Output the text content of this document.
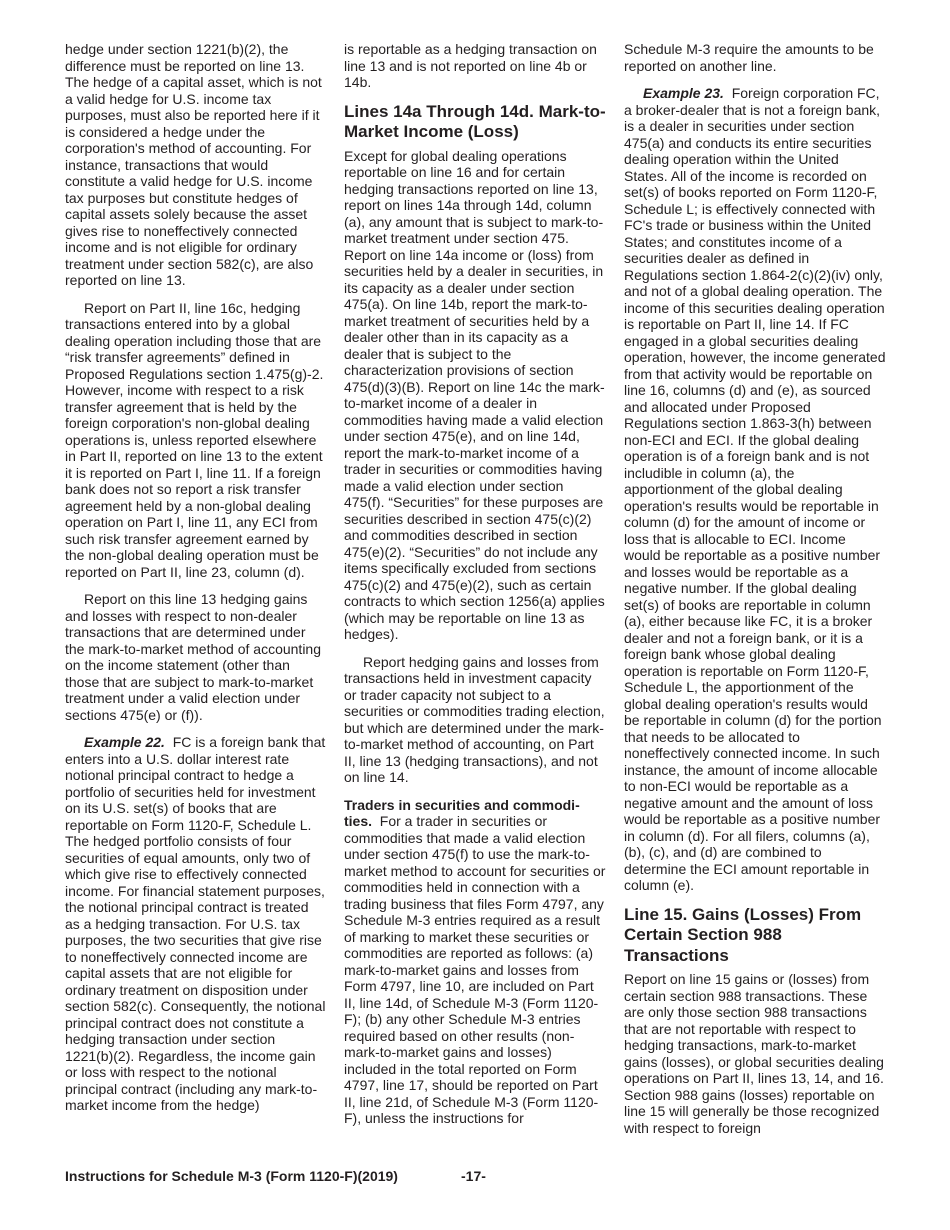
hedge under section 1221(b)(2), the difference must be reported on line 13. The hedge of a capital asset, which is not a valid hedge for U.S. income tax purposes, must also be reported here if it is considered a hedge under the corporation's method of accounting. For instance, transactions that would constitute a valid hedge for U.S. income tax purposes but constitute hedges of capital assets solely because the asset gives rise to noneffectively connected income and is not eligible for ordinary treatment under section 582(c), are also reported on line 13.

Report on Part II, line 16c, hedging transactions entered into by a global dealing operation including those that are “risk transfer agreements” defined in Proposed Regulations section 1.475(g)-2. However, income with respect to a risk transfer agreement that is held by the foreign corporation's non-global dealing operations is, unless reported elsewhere in Part II, reported on line 13 to the extent it is reported on Part I, line 11. If a foreign bank does not so report a risk transfer agreement held by a non-global dealing operation on Part I, line 11, any ECI from such risk transfer agreement earned by the non-global dealing operation must be reported on Part II, line 23, column (d).

Report on this line 13 hedging gains and losses with respect to non-dealer transactions that are determined under the mark-to-market method of accounting on the income statement (other than those that are subject to mark-to-market treatment under a valid election under sections 475(e) or (f)).

Example 22. FC is a foreign bank that enters into a U.S. dollar interest rate notional principal contract to hedge a portfolio of securities held for investment on its U.S. set(s) of books that are reportable on Form 1120-F, Schedule L. The hedged portfolio consists of four securities of equal amounts, only two of which give rise to effectively connected income. For financial statement purposes, the notional principal contract is treated as a hedging transaction. For U.S. tax purposes, the two securities that give rise to noneffectively connected income are capital assets that are not eligible for ordinary treatment on disposition under section 582(c). Consequently, the notional principal contract does not constitute a hedging transaction under section 1221(b)(2). Regardless, the income gain or loss with respect to the notional principal contract (including any mark-to-market income from the hedge)

is reportable as a hedging transaction on line 13 and is not reported on line 4b or 14b.

Lines 14a Through 14d. Mark-to-Market Income (Loss)

Except for global dealing operations reportable on line 16 and for certain hedging transactions reported on line 13, report on lines 14a through 14d, column (a), any amount that is subject to mark-to-market treatment under section 475. Report on line 14a income or (loss) from securities held by a dealer in securities, in its capacity as a dealer under section 475(a). On line 14b, report the mark-to-market treatment of securities held by a dealer other than in its capacity as a dealer that is subject to the characterization provisions of section 475(d)(3)(B). Report on line 14c the mark-to-market income of a dealer in commodities having made a valid election under section 475(e), and on line 14d, report the mark-to-market income of a trader in securities or commodities having made a valid election under section 475(f). “Securities” for these purposes are securities described in section 475(c)(2) and commodities described in section 475(e)(2). “Securities” do not include any items specifically excluded from sections 475(c)(2) and 475(e)(2), such as certain contracts to which section 1256(a) applies (which may be reportable on line 13 as hedges).

Report hedging gains and losses from transactions held in investment capacity or trader capacity not subject to a securities or commodities trading election, but which are determined under the mark-to-market method of accounting, on Part II, line 13 (hedging transactions), and not on line 14.

Traders in securities and commodi-ties. For a trader in securities or commodities that made a valid election under section 475(f) to use the mark-to-market method to account for securities or commodities held in connection with a trading business that files Form 4797, any Schedule M-3 entries required as a result of marking to market these securities or commodities are reported as follows: (a) mark-to-market gains and losses from Form 4797, line 10, are included on Part II, line 14d, of Schedule M-3 (Form 1120-F); (b) any other Schedule M-3 entries required based on other results (non-mark-to-market gains and losses) included in the total reported on Form 4797, line 17, should be reported on Part II, line 21d, of Schedule M-3 (Form 1120-F), unless the instructions for

Schedule M-3 require the amounts to be reported on another line.

Example 23. Foreign corporation FC, a broker-dealer that is not a foreign bank, is a dealer in securities under section 475(a) and conducts its entire securities dealing operation within the United States. All of the income is recorded on set(s) of books reported on Form 1120-F, Schedule L; is effectively connected with FC's trade or business within the United States; and constitutes income of a securities dealer as defined in Regulations section 1.864-2(c)(2)(iv) only, and not of a global dealing operation. The income of this securities dealing operation is reportable on Part II, line 14. If FC engaged in a global securities dealing operation, however, the income generated from that activity would be reportable on line 16, columns (d) and (e), as sourced and allocated under Proposed Regulations section 1.863-3(h) between non-ECI and ECI. If the global dealing operation is of a foreign bank and is not includible in column (a), the apportionment of the global dealing operation's results would be reportable in column (d) for the amount of income or loss that is allocable to ECI. Income would be reportable as a positive number and losses would be reportable as a negative number. If the global dealing set(s) of books are reportable in column (a), either because like FC, it is a broker dealer and not a foreign bank, or it is a foreign bank whose global dealing operation is reportable on Form 1120-F, Schedule L, the apportionment of the global dealing operation's results would be reportable in column (d) for the portion that needs to be allocated to noneffectively connected income. In such instance, the amount of income allocable to non-ECI would be reportable as a negative amount and the amount of loss would be reportable as a positive number in column (d). For all filers, columns (a), (b), (c), and (d) are combined to determine the ECI amount reportable in column (e).

Line 15. Gains (Losses) From Certain Section 988 Transactions

Report on line 15 gains or (losses) from certain section 988 transactions. These are only those section 988 transactions that are not reportable with respect to hedging transactions, mark-to-market gains (losses), or global securities dealing operations on Part II, lines 13, 14, and 16. Section 988 gains (losses) reportable on line 15 will generally be those recognized with respect to foreign

Instructions for Schedule M-3 (Form 1120-F)(2019)	-17-
